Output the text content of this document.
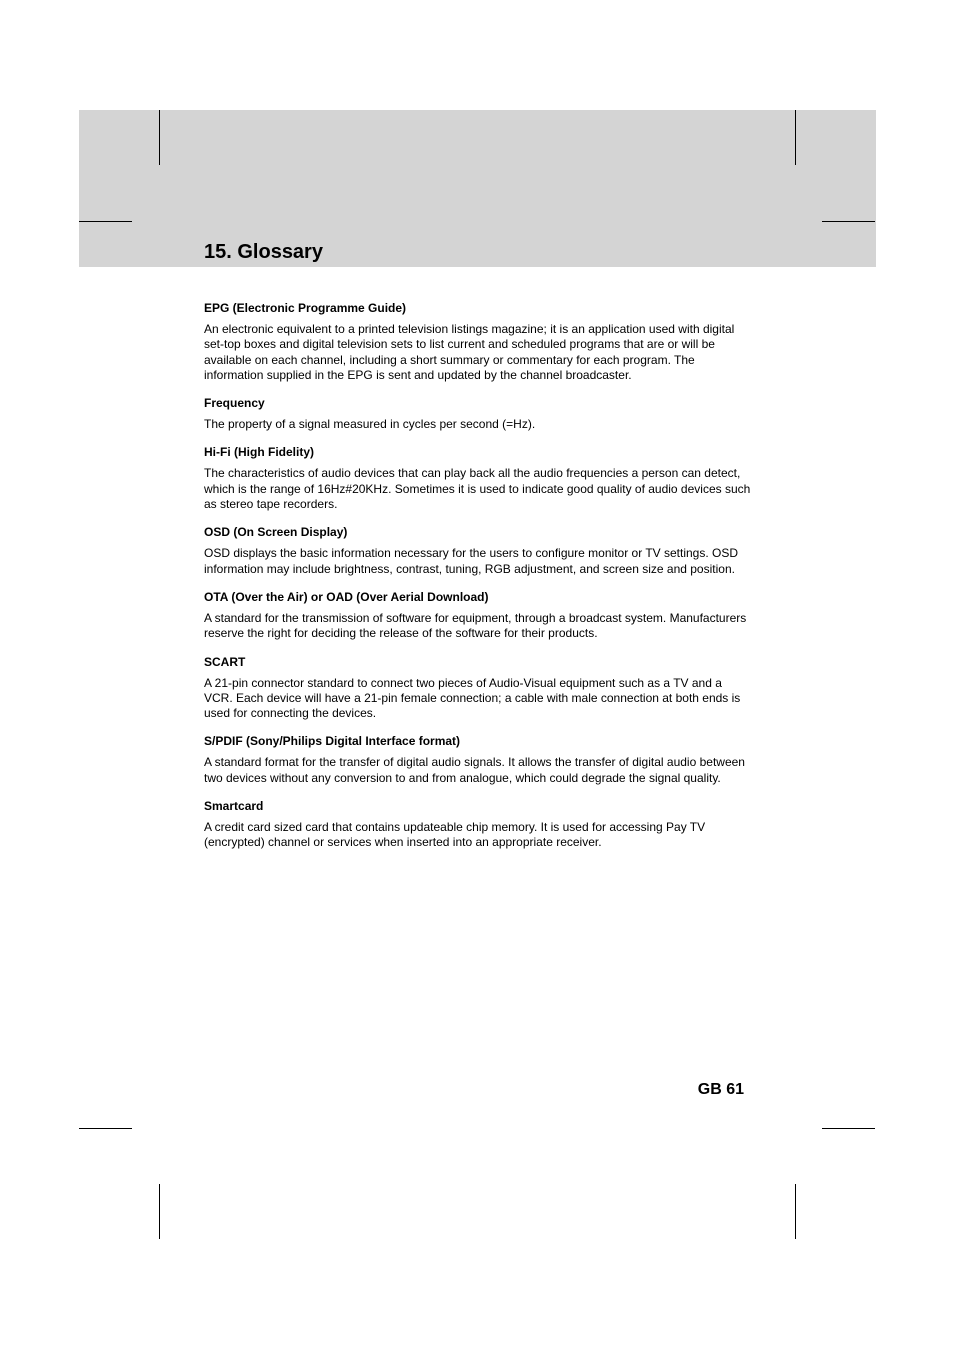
15. Glossary

EPG (Electronic Programme Guide)

An electronic equivalent to a printed television listings magazine; it is an application used with digital set-top boxes and digital television sets to list current and scheduled programs that are or will be available on each channel, including a short summary or commentary for each program. The information supplied in the EPG is sent and updated by the channel broadcaster.

Frequency

The property of a signal measured in cycles per second (=Hz).

Hi-Fi (High Fidelity)

The characteristics of audio devices that can play back all the audio frequencies a person can detect, which is the range of 16Hz#20KHz. Sometimes it is used to indicate good quality of audio devices such as stereo tape recorders.

OSD (On Screen Display)

OSD displays the basic information necessary for the users to configure monitor or TV settings. OSD information may include brightness, contrast, tuning, RGB adjustment, and screen size and position.

OTA (Over the Air) or OAD (Over Aerial Download)

A standard for the transmission of software for equipment, through a broadcast system. Manufacturers reserve the right for deciding the release of the software for their products.

SCART

A 21-pin connector standard to connect two pieces of Audio-Visual equipment such as a TV and a VCR. Each device will have a 21-pin female connection; a cable with male connection at both ends is used for connecting the devices.

S/PDIF (Sony/Philips Digital Interface format)

A standard format for the transfer of digital audio signals. It allows the transfer of digital audio between two devices without any conversion to and from analogue, which could degrade the signal quality.

Smartcard

A credit card sized card that contains updateable chip memory. It is used for accessing Pay TV (encrypted) channel or services when inserted into an appropriate receiver.

GB 61
